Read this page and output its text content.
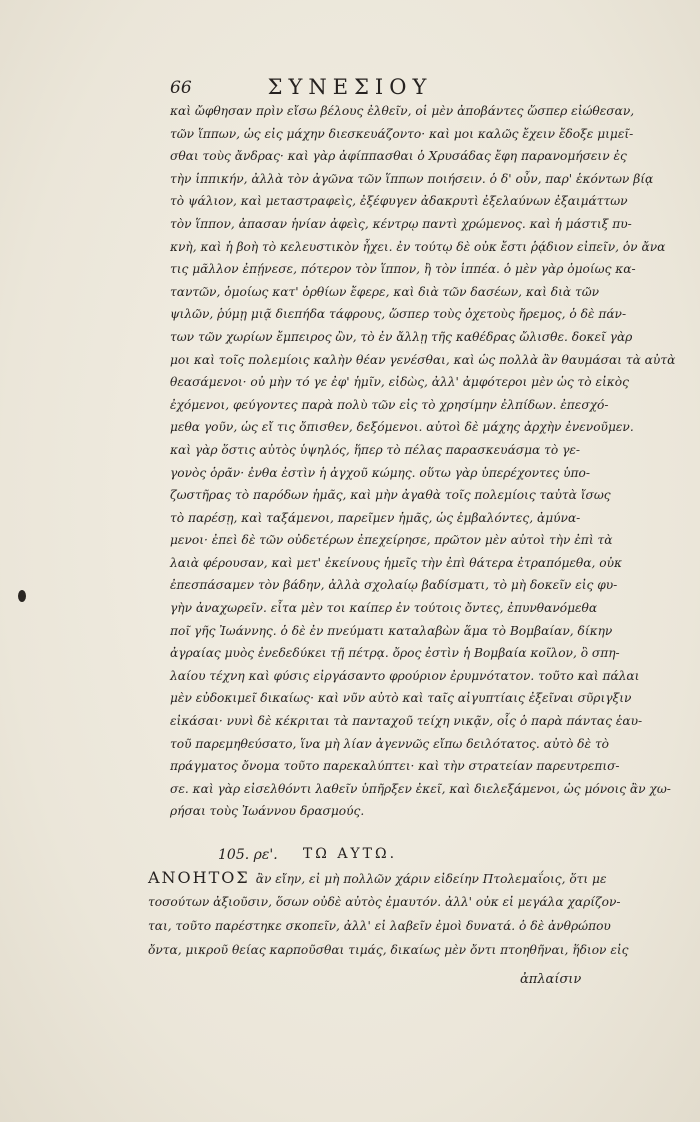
66	ΣΥΝΕΣΙΟΥ
καὶ ὤφθησαν πρὶν εἴσω βέλους ἐλθεῖν, οἱ μὲν ἀποβάντες ὥσπερ εἰώθεσαν,
τῶν ἵππων, ὡς εἰς μάχην διεσκευάζοντο· καὶ μοι καλῶς ἔχειν ἔδοξε μιμεῖ-
σθαι τοὺς ἄνδρας· καὶ γὰρ ἀφίππασθαι ὁ Χρυσάδας ἔφη παρανομήσειν ἐς
τὴν ἱππικήν, ἀλλὰ τὸν ἀγῶνα τῶν ἵππων ποιήσειν. ὁ δ' οὖν, παρ' ἑκόντων βίᾳ
τὸ ψάλιον, καὶ μεταστραφεὶς, ἐξέφυγεν ἀδακρυτὶ ἐξελαύνων ἐξαιμάττων
τὸν ἵππον, ἀπασαν ἡνίαν ἀφεὶς, κέντρῳ παντὶ χρώμενος. καὶ ἡ μάστιξ πυ-
κνὴ, καὶ ἡ βοὴ τὸ κελευστικὸν ἦχει. ἐν τούτῳ δὲ οὐκ ἔστι ῥᾴδιον εἰπεῖν, ὁν ἄνα
τις μᾶλλον ἐπῄνεσε, πότερον τὸν ἵππον, ἢ τὸν ἱππέα. ὁ μὲν γὰρ ὁμοίως κα-
ταντῶν, ὁμοίως κατ' ὀρθίων ἔφερε, καὶ διὰ τῶν δασέων, καὶ διὰ τῶν
ψιλῶν, ῥύμῃ μιᾷ διεπήδα τάφρους, ὥσπερ τοὺς ὀχετοὺς ἤρεμος, ὁ δὲ πάν-
των τῶν χωρίων ἔμπειρος ὢν, τὸ ἐν ἄλλῃ τῆς καθέδρας ὤλισθε. δοκεῖ γὰρ
μοι καὶ τοῖς πολεμίοις καλὴν θέαν γενέσθαι, καὶ ὡς πολλὰ ἂν θαυμάσαι τὰ αὐτὰ
θεασάμενοι· οὐ μὴν τό γε ἐφ' ἡμῖν, εἰδὼς, ἀλλ' ἀμφότεροι μὲν ὡς τὸ εἰκὸς
ἐχόμενοι, φεύγοντες παρὰ πολὺ τῶν εἰς τὸ χρησίμην ἐλπίδων. ἐπεσχό-
μεθα γοῦν, ὡς εἴ τις ὄπισθεν, δεξόμενοι. αὐτοὶ δὲ μάχης ἀρχὴν ἐνενοῦμεν.
καὶ γὰρ ὅστις αὐτὸς ὑψηλός, ἥπερ τὸ πέλας παρασκευάσμα τὸ γε-
γονὸς ὁρᾶν· ἐνθα ἐστὶν ἡ ἀγχοῦ κώμης. οὕτω γὰρ ὑπερέχοντες ὑπο-
ζωστῆρας τὸ παρόδων ἡμᾶς, καὶ μὴν ἀγαθὰ τοῖς πολεμίοις ταὐτὰ ἴσως
τὸ παρέσῃ, καὶ ταξάμενοι, παρεῖμεν ἡμᾶς, ὡς ἐμβαλόντες, ἀμύνα-
μενοι· ἐπεὶ δὲ τῶν οὐδετέρων ἐπεχείρησε, πρῶτον μὲν αὐτοὶ τὴν ἐπὶ τὰ
λαιὰ φέρουσαν, καὶ μετ' ἐκείνους ἡμεῖς τὴν ἐπὶ θάτερα ἐτραπόμεθα, οὐκ
ἐπεσπάσαμεν τὸν βάδην, ἀλλὰ σχολαίῳ βαδίσματι, τὸ μὴ δοκεῖν εἰς φυ-
γὴν ἀναχωρεῖν. εἶτα μὲν τοι καίπερ ἐν τούτοις ὄντες, ἐπυνθανόμεθα
ποῖ γῆς Ἰωάννης. ὁ δὲ ἐν πνεύματι καταλαβὼν ἅμα τὸ Βομβαίαν, δίκην
ἀγραίας μυὸς ἐνεδεδύκει τῇ πέτρᾳ. ὄρος ἐστὶν ἡ Βομβαία κοῖλον, ὃ σπη-
λαίου τέχνη καὶ φύσις εἰργάσαντο φρούριον ἐρυμνότατον. τοῦτο καὶ πάλαι
μὲν εὐδοκιμεῖ δικαίως· καὶ νῦν αὐτὸ καὶ ταῖς αἰγυπτίαις ἐξεῖναι σῦριγξιν
εἰκάσαι· νυνὶ δὲ κέκριται τὰ πανταχοῦ τείχη νικᾷν, οἷς ὁ παρὰ πάντας ἑαυ-
τοῦ παρεμηθεύσατο, ἵνα μὴ λίαν ἀγεννῶς εἴπω δειλότατος. αὐτὸ δὲ τὸ
πράγματος ὄνομα τοῦτο παρεκαλύπτει· καὶ τὴν στρατείαν παρευτρεπισ-
σε. καὶ γὰρ εἰσελθόντι λαθεῖν ὑπῆρξεν ἐκεῖ, καὶ διελεξάμενοι, ὡς μόνοις ἂν χω-
ρήσαι τοὺς Ἰωάννου δρασμούς.
105. ρε'.	ΤΩ ΑΥΤΩ.
ΑΝΟΗΤΟΣ ἂν εἴην, εἰ μὴ πολλῶν χάριν εἰδείην Πτολεμαΐοις, ὅτι με
τοσούτων ἀξιοῦσιν, ὅσων οὐδὲ αὐτὸς ἐμαυτόν. ἀλλ' οὐκ εἰ μεγάλα χαρίζον-
ται, τοῦτο παρέστηκε σκοπεῖν, ἀλλ' εἰ λαβεῖν ἐμοὶ δυνατά. ὁ δὲ ἀνθρώπου
ὄντα, μικροῦ θείας καρποῦσθαι τιμάς, δικαίως μὲν ὄντι πτοηθῆναι, ἥδιον εἰς
ἀπλαίσιν
